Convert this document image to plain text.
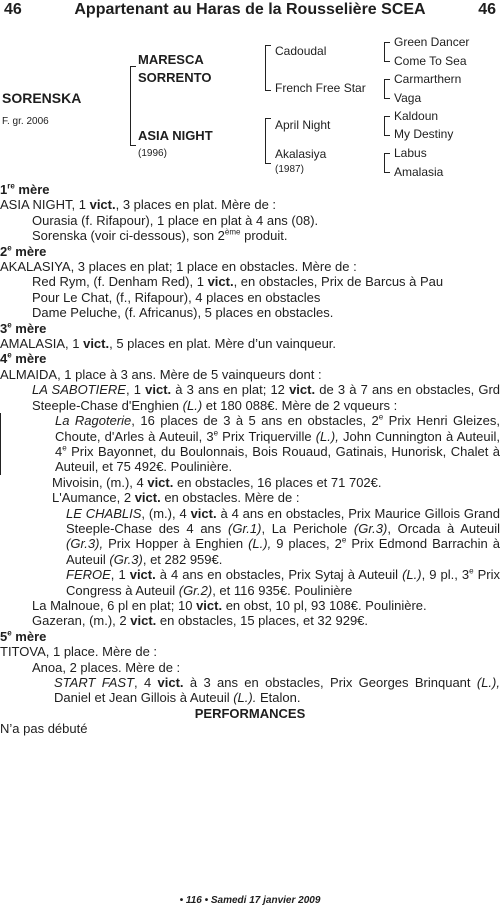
46	Appartenant au Haras de la Rousselière SCEA	46
SORENSKA
F. gr. 2006
MARESCA
SORRENTO
ASIA NIGHT
(1996)
Cadoudal
French Free Star
April Night
Akalasiya
(1987)
Green Dancer
Come To Sea
Carmarthern
Vaga
Kaldoun
My Destiny
Labus
Amalasia
1re mère
ASIA NIGHT, 1 vict., 3 places en plat. Mère de :
Ourasia (f. Rifapour), 1 place en plat à 4 ans (08).
Sorenska (voir ci-dessous), son 2ème produit.
2e mère
AKALASIYA, 3 places en plat; 1 place en obstacles. Mère de :
Red Rym, (f. Denham Red), 1 vict., en obstacles, Prix de Barcus à Pau
Pour Le Chat, (f., Rifapour), 4 places en obstacles
Dame Peluche, (f. Africanus), 5 places en obstacles.
3e mère
AMALASIA, 1 vict., 5 places en plat. Mère d’un vainqueur.
4e mère
ALMAIDA, 1 place à 3 ans. Mère de 5 vainqueurs dont :
LA SABOTIERE, 1 vict. à 3 ans en plat; 12 vict. de 3 à 7 ans en obstacles, Grd Steeple-Chase d'Enghien (L.) et 180 088€. Mère de 2 vqueurs :
La Ragoterie, 16 places de 3 à 5 ans en obstacles, 2e Prix Henri Gleizes, Choute, d'Arles à Auteuil, 3e Prix Triquerville (L.), John Cunnington à Auteuil, 4e Prix Bayonnet, du Boulonnais, Bois Rouaud, Gatinais, Hunorisk, Chalet à Auteuil, et 75 492€. Poulinière.
Mivoisin, (m.), 4 vict. en obstacles, 16 places et 71 702€.
L'Aumance, 2 vict. en obstacles. Mère de :
LE CHABLIS, (m.), 4 vict. à 4 ans en obstacles, Prix Maurice Gillois Grand Steeple-Chase des 4 ans (Gr.1), La Perichole (Gr.3), Orcada à Auteuil (Gr.3), Prix Hopper à Enghien (L.), 9 places, 2e Prix Edmond Barrachin à Auteuil (Gr.3), et 282 959€.
FEROE, 1 vict. à 4 ans en obstacles, Prix Sytaj à Auteuil (L.), 9 pl., 3e Prix Congress à Auteuil (Gr.2), et 116 935€. Poulinière
La Malnoue, 6 pl en plat; 10 vict. en obst, 10 pl, 93 108€. Poulinière.
Gazeran, (m.), 2 vict. en obstacles, 15 places, et 32 929€.
5e mère
TITOVA, 1 place. Mère de :
Anoa, 2 places. Mère de :
START FAST, 4 vict. à 3 ans en obstacles, Prix Georges Brinquant (L.), Daniel et Jean Gillois à Auteuil (L.). Etalon.
PERFORMANCES
N’a pas débuté
• 116 • Samedi 17 janvier 2009
